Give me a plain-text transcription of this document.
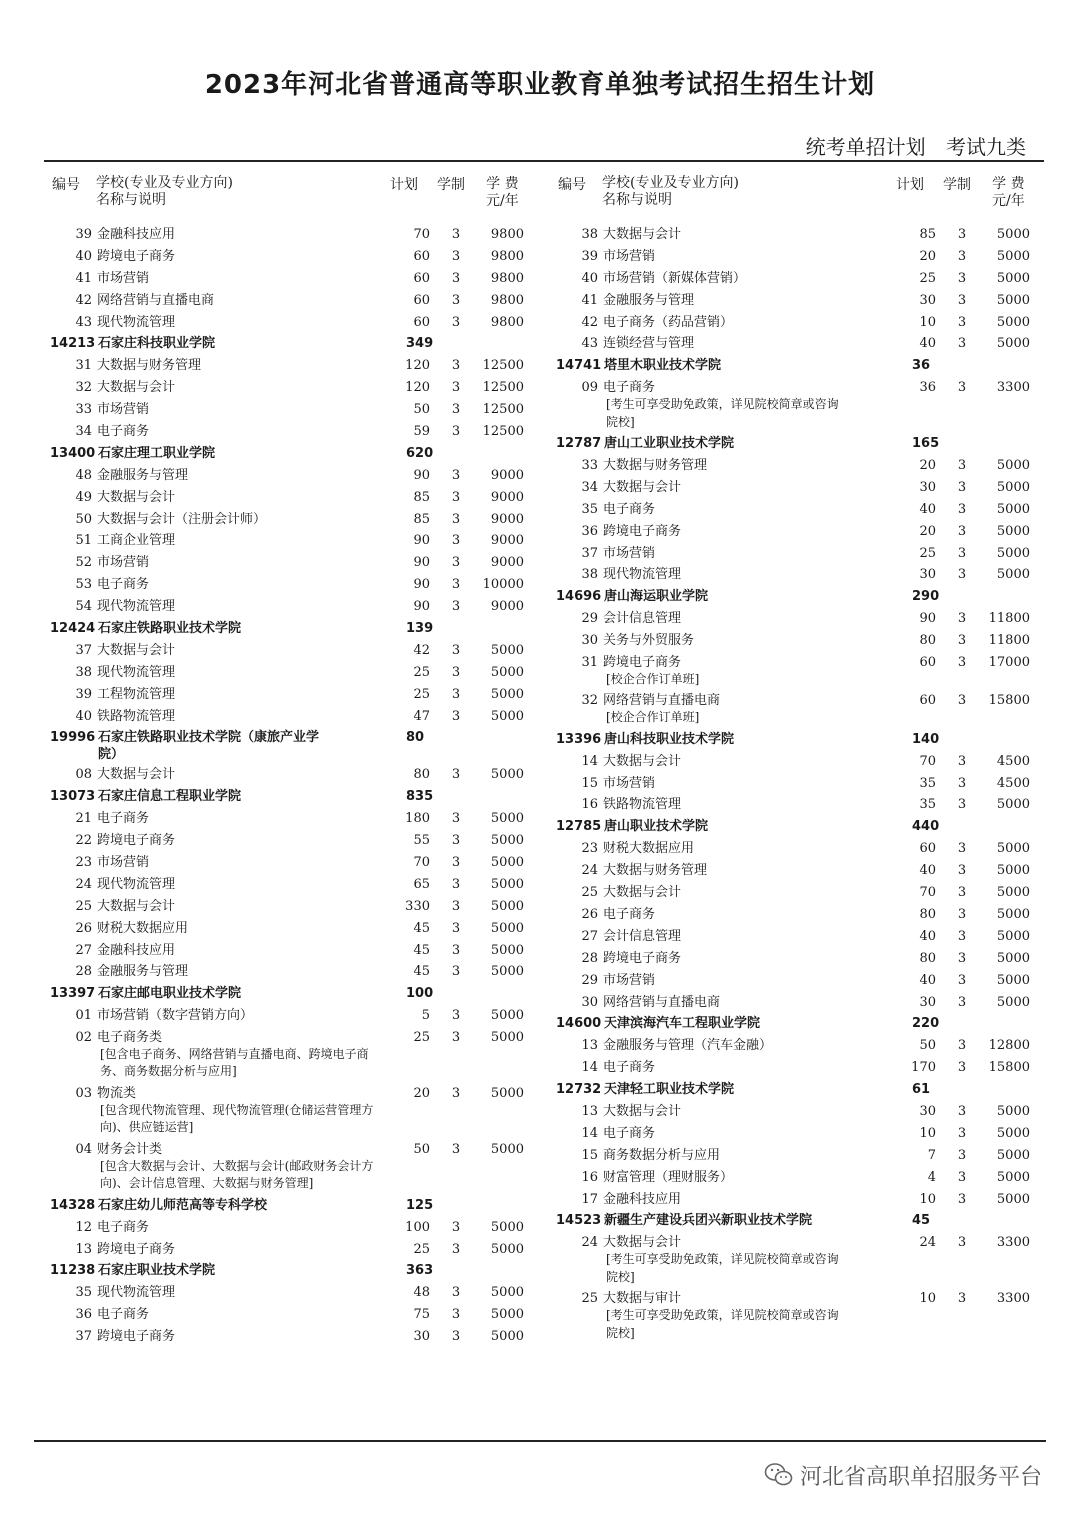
2023年河北省普通高等职业教育单独考试招生招生计划
统考单招计划 考试九类
编号 学校(专业及专业方向)
名称与说明
计划 学制 学 费
元/年
39 金融科技应用	70	3	9800
40 跨境电子商务	60	3	9800
41 市场营销	60	3	9800
42 网络营销与直播电商	60	3	9800
43 现代物流管理	60	3	9800
14213 石家庄科技职业学院	349
31 大数据与财务管理	120	3	12500
32 大数据与会计	120	3	12500
33 市场营销	50	3	12500
34 电子商务	59	3	12500
13400 石家庄理工职业学院	620
48 金融服务与管理	90	3	9000
49 大数据与会计	85	3	9000
50 大数据与会计（注册会计师）	85	3	9000
51 工商企业管理	90	3	9000
52 市场营销	90	3	9000
53 电子商务	90	3	10000
54 现代物流管理	90	3	9000
12424 石家庄铁路职业技术学院	139
37 大数据与会计	42	3	5000
38 现代物流管理	25	3	5000
39 工程物流管理	25	3	5000
40 铁路物流管理	47	3	5000
19996 石家庄铁路职业技术学院（康旅产业学	80
院）
08 大数据与会计	80	3	5000
13073 石家庄信息工程职业学院	835
21 电子商务	180	3	5000
22 跨境电子商务	55	3	5000
23 市场营销	70	3	5000
24 现代物流管理	65	3	5000
25 大数据与会计	330	3	5000
26 财税大数据应用	45	3	5000
27 金融科技应用	45	3	5000
28 金融服务与管理	45	3	5000
13397 石家庄邮电职业技术学院	100
01 市场营销（数字营销方向）	5	3	5000
02 电子商务类	25	3	5000
[包含电子商务、网络营销与直播电商、跨境电子商务、商务数据分析与应用]
03 物流类	20	3	5000
[包含现代物流管理、现代物流管理(仓储运营管理方向)、供应链运营]
04 财务会计类	50	3	5000
[包含大数据与会计、大数据与会计(邮政财务会计方向)、会计信息管理、大数据与财务管理]
14328 石家庄幼儿师范高等专科学校	125
12 电子商务	100	3	5000
13 跨境电子商务	25	3	5000
11238 石家庄职业技术学院	363
35 现代物流管理	48	3	5000
36 电子商务	75	3	5000
37 跨境电子商务	30	3	5000
编号 学校(专业及专业方向)
名称与说明
计划 学制 学 费
元/年
38 大数据与会计	85	3	5000
39 市场营销	20	3	5000
40 市场营销（新媒体营销）	25	3	5000
41 金融服务与管理	30	3	5000
42 电子商务（药品营销）	10	3	5000
43 连锁经营与管理	40	3	5000
14741 塔里木职业技术学院	36
09 电子商务	36	3	3300
[考生可享受助免政策，详见院校简章或咨询院校]
12787 唐山工业职业技术学院	165
33 大数据与财务管理	20	3	5000
34 大数据与会计	30	3	5000
35 电子商务	40	3	5000
36 跨境电子商务	20	3	5000
37 市场营销	25	3	5000
38 现代物流管理	30	3	5000
14696 唐山海运职业学院	290
29 会计信息管理	90	3	11800
30 关务与外贸服务	80	3	11800
31 跨境电子商务	60	3	17000
[校企合作订单班]
32 网络营销与直播电商	60	3	15800
[校企合作订单班]
13396 唐山科技职业技术学院	140
14 大数据与会计	70	3	4500
15 市场营销	35	3	4500
16 铁路物流管理	35	3	5000
12785 唐山职业技术学院	440
23 财税大数据应用	60	3	5000
24 大数据与财务管理	40	3	5000
25 大数据与会计	70	3	5000
26 电子商务	80	3	5000
27 会计信息管理	40	3	5000
28 跨境电子商务	80	3	5000
29 市场营销	40	3	5000
30 网络营销与直播电商	30	3	5000
14600 天津滨海汽车工程职业学院	220
13 金融服务与管理（汽车金融）	50	3	12800
14 电子商务	170	3	15800
12732 天津轻工职业技术学院	61
13 大数据与会计	30	3	5000
14 电子商务	10	3	5000
15 商务数据分析与应用	7	3	5000
16 财富管理（理财服务）	4	3	5000
17 金融科技应用	10	3	5000
14523 新疆生产建设兵团兴新职业技术学院	45
24 大数据与会计	24	3	3300
[考生可享受助免政策，详见院校简章或咨询院校]
25 大数据与审计	10	3	3300
[考生可享受助免政策，详见院校简章或咨询院校]
河北省高职单招服务平台
